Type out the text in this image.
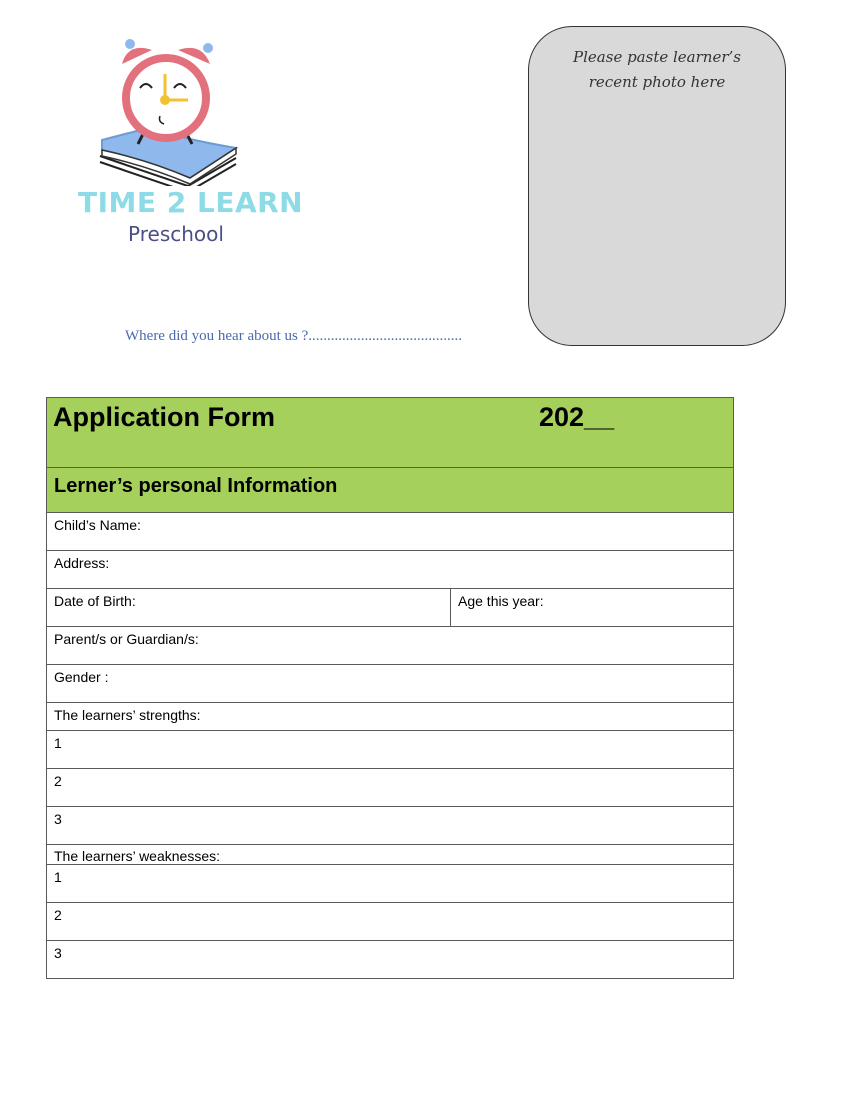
TIME 2 LEARN
Preschool
Please paste learner’s recent photo here
Where did you hear about us ?.........................................
Application Form	202__

Lerner’s personal Information
Child’s Name:
Address:
Date of Birth:	Age this year:
Parent/s or Guardian/s:
Gender :
The learners’ strengths:
1
2
3
The learners’ weaknesses:
1
2
3
